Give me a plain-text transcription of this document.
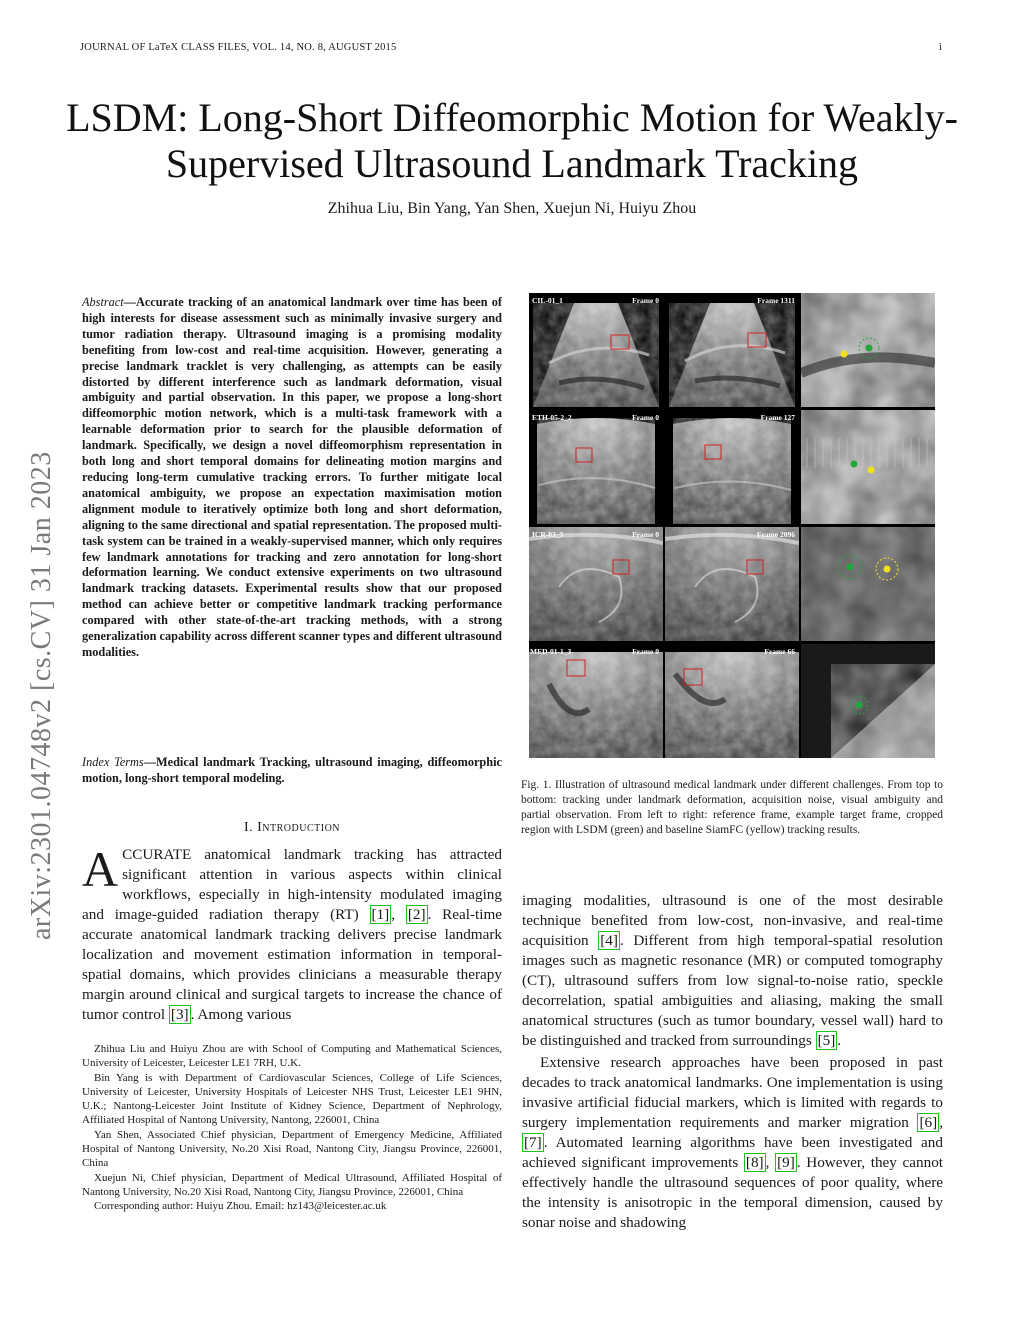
JOURNAL OF LaTeX CLASS FILES, VOL. 14, NO. 8, AUGUST 2015	i
arXiv:2301.04748v2 [cs.CV] 31 Jan 2023
LSDM: Long-Short Diffeomorphic Motion for Weakly-Supervised Ultrasound Landmark Tracking
Zhihua Liu, Bin Yang, Yan Shen, Xuejun Ni, Huiyu Zhou
Abstract—Accurate tracking of an anatomical landmark over time has been of high interests for disease assessment such as minimally invasive surgery and tumor radiation therapy. Ultrasound imaging is a promising modality benefiting from low-cost and real-time acquisition. However, generating a precise landmark tracklet is very challenging, as attempts can be easily distorted by different interference such as landmark deformation, visual ambiguity and partial observation. In this paper, we propose a long-short diffeomorphic motion network, which is a multi-task framework with a learnable deformation prior to search for the plausible deformation of landmark. Specifically, we design a novel diffeomorphism representation in both long and short temporal domains for delineating motion margins and reducing long-term cumulative tracking errors. To further mitigate local anatomical ambiguity, we propose an expectation maximisation motion alignment module to iteratively optimize both long and short deformation, aligning to the same directional and spatial representation. The proposed multi-task system can be trained in a weakly-supervised manner, which only requires few landmark annotations for tracking and zero annotation for long-short deformation learning. We conduct extensive experiments on two ultrasound landmark tracking datasets. Experimental results show that our proposed method can achieve better or competitive landmark tracking performance compared with other state-of-the-art tracking methods, with a strong generalization capability across different scanner types and different ultrasound modalities.
Index Terms—Medical landmark Tracking, ultrasound imaging, diffeomorphic motion, long-short temporal modeling.
I. Introduction
ACCURATE anatomical landmark tracking has attracted significant attention in various aspects within clinical workflows, especially in high-intensity modulated imaging and image-guided radiation therapy (RT) [1] , [2] . Real-time accurate anatomical landmark tracking delivers precise landmark localization and movement estimation information in temporal-spatial domains, which provides clinicians a measurable therapy margin around clinical and surgical targets to increase the chance of tumor control [3] . Among various

Zhihua Liu and Huiyu Zhou are with School of Computing and Mathematical Sciences, University of Leicester, Leicester LE1 7RH, U.K.

Bin Yang is with Department of Cardiovascular Sciences, College of Life Sciences, University of Leicester, University Hospitals of Leicester NHS Trust, Leicester LE1 9HN, U.K.; Nantong-Leicester Joint Institute of Kidney Science, Department of Nephrology, Affiliated Hospital of Nantong University, Nantong, 226001, China

Yan Shen, Associated Chief physician, Department of Emergency Medicine, Affiliated Hospital of Nantong University, No.20 Xisi Road, Nantong City, Jiangsu Province, 226001, China

Xuejun Ni, Chief physician, Department of Medical Ultrasound, Affiliated Hospital of Nantong University, No.20 Xisi Road, Nantong City, Jiangsu Province, 226001, China

Corresponding author: Huiyu Zhou. Email: hz143@leicester.ac.uk

CIL-01_1	Frame 0	Frame 1311
ETH-05-2_2	Frame 0	Frame 127
ICR-03_3	Frame 0	Frame 2096
MED-01-1_3	Frame 0	Frame 66
Fig. 1. Illustration of ultrasound medical landmark under different challenges. From top to bottom: tracking under landmark deformation, acquisition noise, visual ambiguity and partial observation. From left to right: reference frame, example target frame, cropped region with LSDM (green) and baseline SiamFC (yellow) tracking results.

imaging modalities, ultrasound is one of the most desirable technique benefited from low-cost, non-invasive, and real-time acquisition [4] . Different from high temporal-spatial resolution images such as magnetic resonance (MR) or computed tomography (CT), ultrasound suffers from low signal-to-noise ratio, speckle decorrelation, spatial ambiguities and aliasing, making the small anatomical structures (such as tumor boundary, vessel wall) hard to be distinguished and tracked from surroundings [5] .

Extensive research approaches have been proposed in past decades to track anatomical landmarks. One implementation is using invasive artificial fiducial markers, which is limited with regards to surgery implementation requirements and marker migration [6] , [7] . Automated learning algorithms have been investigated and achieved significant improvements [8] , [9] . However, they cannot effectively handle the ultrasound sequences of poor quality, where the intensity is anisotropic in the temporal dimension, caused by sonar noise and shadowing
